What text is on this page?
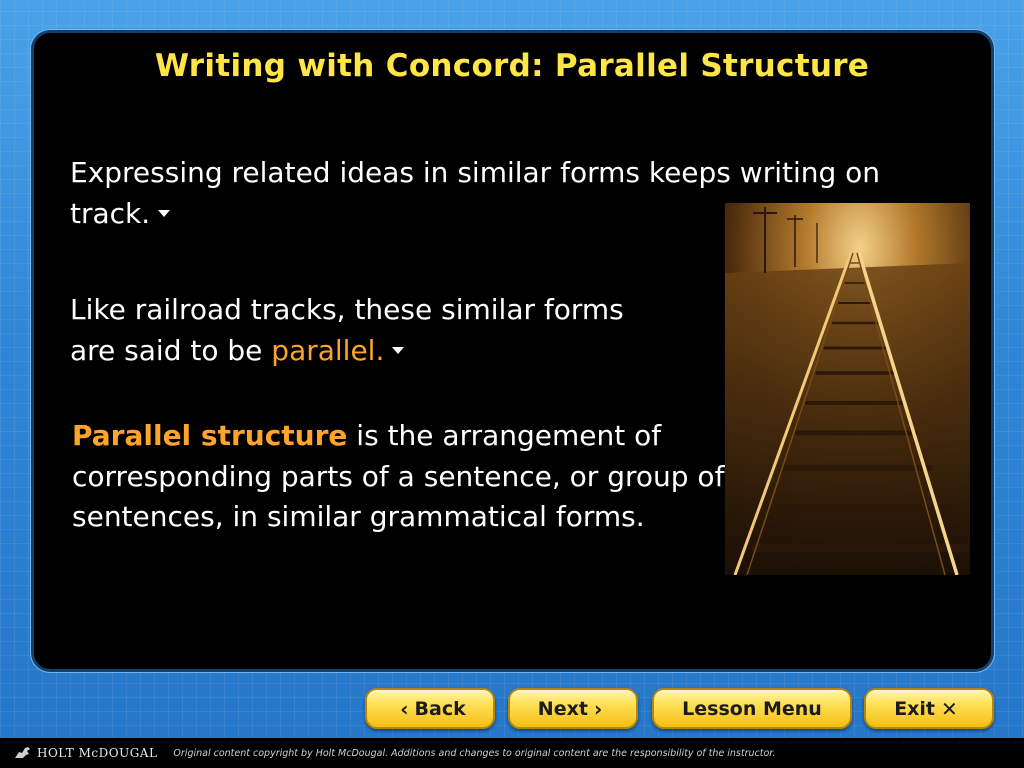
Writing with Concord: Parallel Structure
Expressing related ideas in similar forms keeps writing on track.
Like railroad tracks, these similar forms are said to be parallel.
Parallel structure is the arrangement of corresponding parts of a sentence, or group of sentences, in similar grammatical forms.
‹ Back	Next ›	Lesson Menu	Exit ✕
HOLT McDOUGAL Original content copyright by Holt McDougal. Additions and changes to original content are the responsibility of the instructor.
